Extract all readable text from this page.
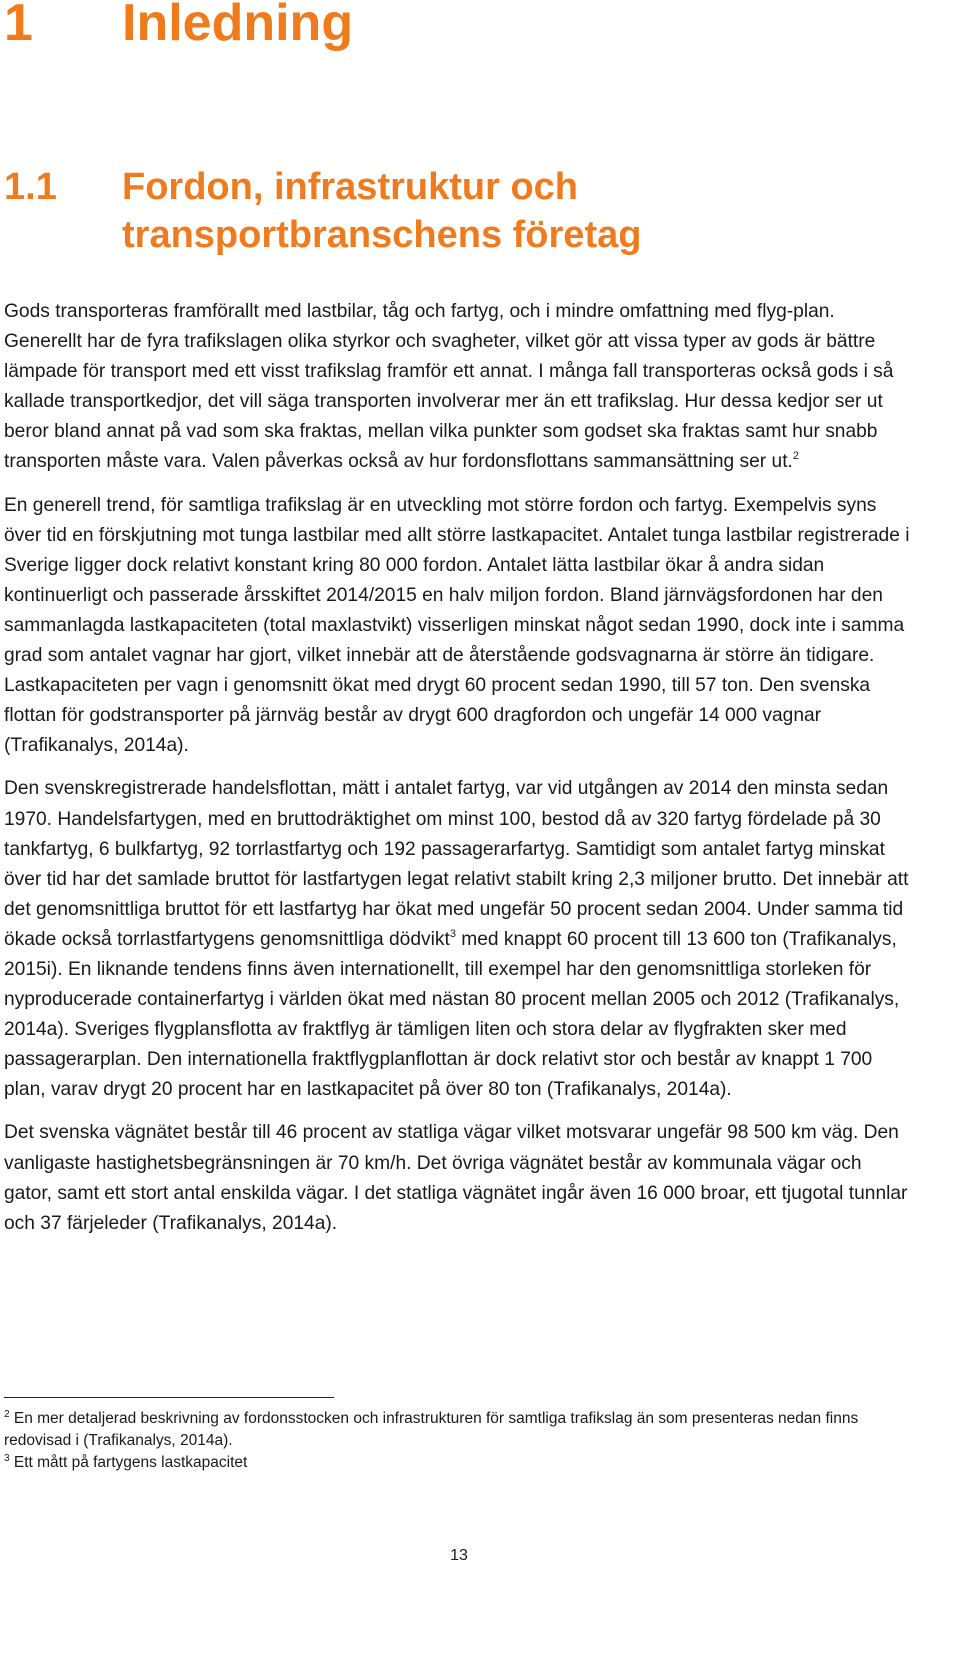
1 Inledning
1.1	Fordon, infrastruktur och transportbranschens företag

Gods transporteras framförallt med lastbilar, tåg och fartyg, och i mindre omfattning med flyg-plan. Generellt har de fyra trafikslagen olika styrkor och svagheter, vilket gör att vissa typer av gods är bättre lämpade för transport med ett visst trafikslag framför ett annat. I många fall transporteras också gods i så kallade transportkedjor, det vill säga transporten involverar mer än ett trafikslag. Hur dessa kedjor ser ut beror bland annat på vad som ska fraktas, mellan vilka punkter som godset ska fraktas samt hur snabb transporten måste vara. Valen påverkas också av hur fordonsflottans sammansättning ser ut.$^2$

En generell trend, för samtliga trafikslag är en utveckling mot större fordon och fartyg. Exempelvis syns över tid en förskjutning mot tunga lastbilar med allt större lastkapacitet. Antalet tunga lastbilar registrerade i Sverige ligger dock relativt konstant kring 80 000 fordon. Antalet lätta lastbilar ökar å andra sidan kontinuerligt och passerade årsskiftet 2014/2015 en halv miljon fordon. Bland järnvägsfordonen har den sammanlagda lastkapaciteten (total maxlastvikt) visserligen minskat något sedan 1990, dock inte i samma grad som antalet vagnar har gjort, vilket innebär att de återstående godsvagnarna är större än tidigare. Lastkapaciteten per vagn i genomsnitt ökat med drygt 60 procent sedan 1990, till 57 ton. Den svenska flottan för godstransporter på järnväg består av drygt 600 dragfordon och ungefär 14 000 vagnar (Trafikanalys, 2014a).

Den svenskregistrerade handelsflottan, mätt i antalet fartyg, var vid utgången av 2014 den minsta sedan 1970. Handelsfartygen, med en bruttodräktighet om minst 100, bestod då av 320 fartyg fördelade på 30 tankfartyg, 6 bulkfartyg, 92 torrlastfartyg och 192 passagerarfartyg. Samtidigt som antalet fartyg minskat över tid har det samlade bruttot för lastfartygen legat relativt stabilt kring 2,3 miljoner brutto. Det innebär att det genomsnittliga bruttot för ett lastfartyg har ökat med ungefär 50 procent sedan 2004. Under samma tid ökade också torrlastfartygens genomsnittliga dödvikt$^3$ med knappt 60 procent till 13 600 ton (Trafikanalys, 2015i). En liknande tendens finns även internationellt, till exempel har den genomsnittliga storleken för nyproducerade containerfartyg i världen ökat med nästan 80 procent mellan 2005 och 2012 (Trafikanalys, 2014a). Sveriges flygplansflotta av fraktflyg är tämligen liten och stora delar av flygfrakten sker med passagerarplan. Den internationella fraktflygplanflottan är dock relativt stor och består av knappt 1 700 plan, varav drygt 20 procent har en lastkapacitet på över 80 ton (Trafikanalys, 2014a).

Det svenska vägnätet består till 46 procent av statliga vägar vilket motsvarar ungefär 98 500 km väg. Den vanligaste hastighetsbegränsningen är 70 km/h. Det övriga vägnätet består av kommunala vägar och gator, samt ett stort antal enskilda vägar. I det statliga vägnätet ingår även 16 000 broar, ett tjugotal tunnlar och 37 färjeleder (Trafikanalys, 2014a).

$^2$ En mer detaljerad beskrivning av fordonsstocken och infrastrukturen för samtliga trafikslag än som presenteras nedan finns redovisad i (Trafikanalys, 2014a).

$^3$ Ett mått på fartygens lastkapacitet

13
